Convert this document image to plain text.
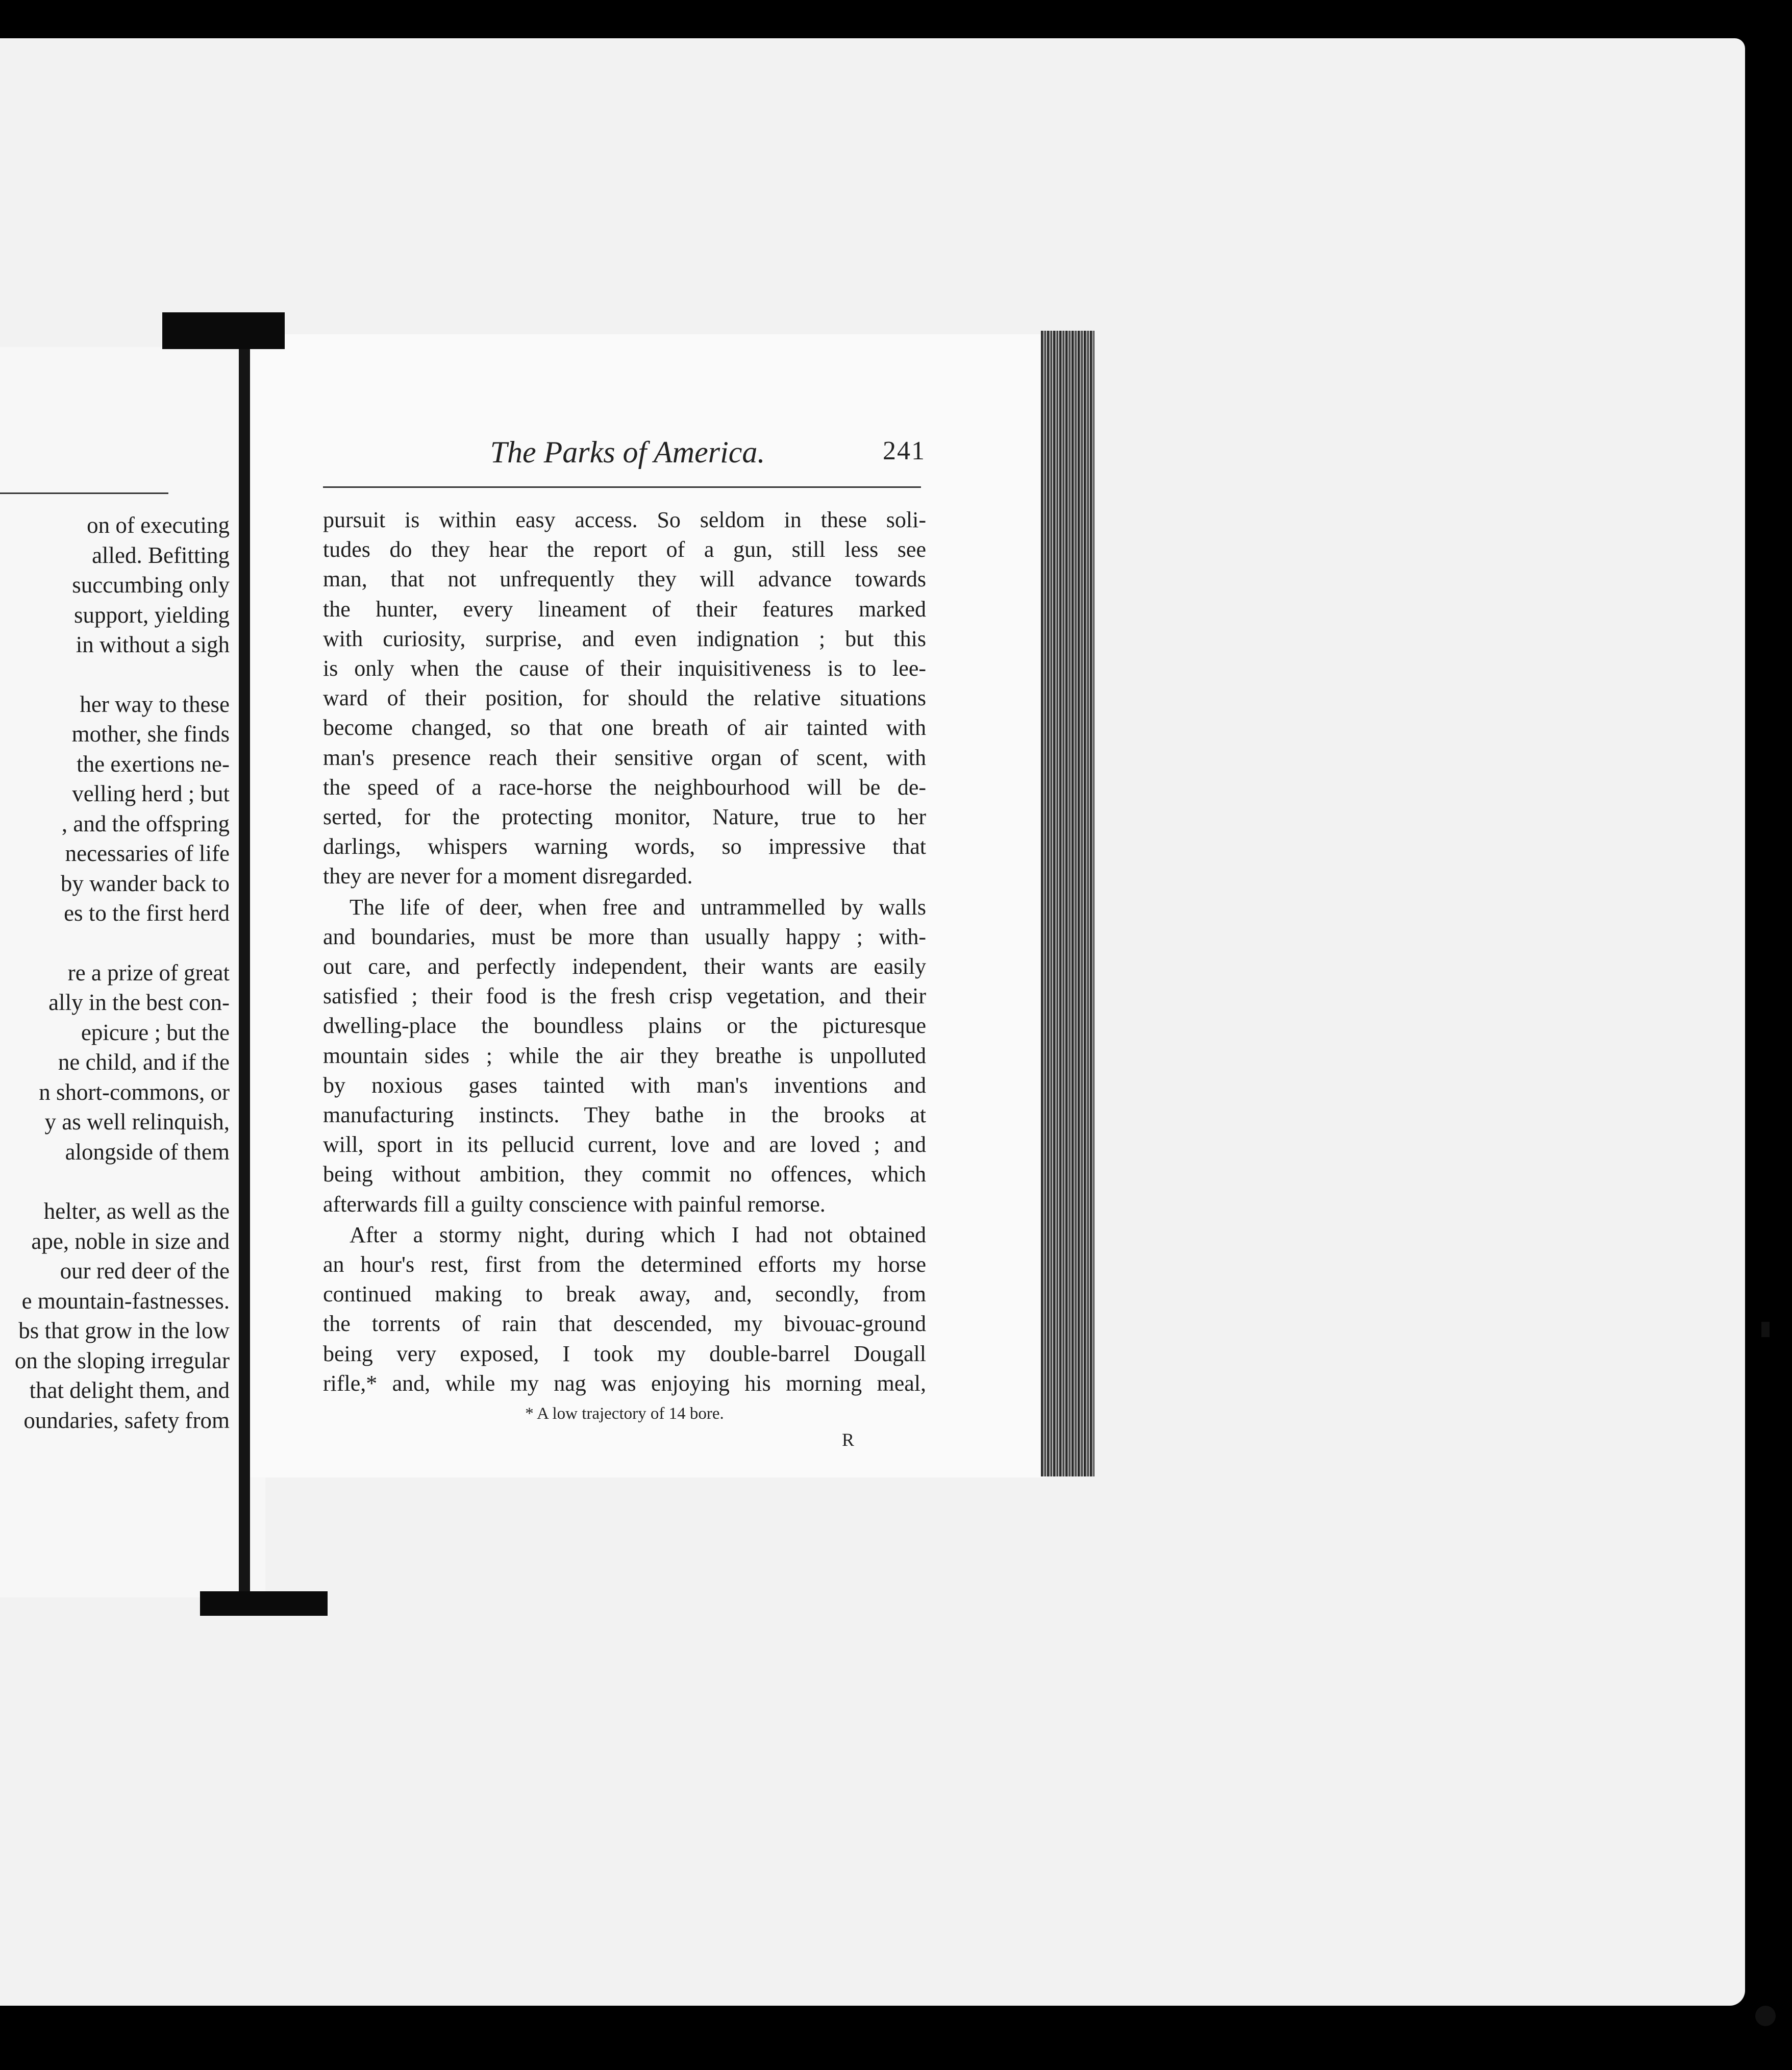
on of executing
alled. Befitting
succumbing only
support, yielding
in without a sigh
her way to these
mother, she finds
the exertions ne-
velling herd ; but
, and the offspring
necessaries of life
by wander back to
es to the first herd
re a prize of great
ally in the best con-
epicure ; but the
ne child, and if the
n short-commons, or
y as well relinquish,
alongside of them
helter, as well as the
ape, noble in size and
our red deer of the
e mountain-fastnesses.
bs that grow in the low
on the sloping irregular
that delight them, and
oundaries, safety from
The Parks of America.	241
pursuit is within easy access. So seldom in these soli-
tudes do they hear the report of a gun, still less see
man, that not unfrequently they will advance towards
the hunter, every lineament of their features marked
with curiosity, surprise, and even indignation ; but this
is only when the cause of their inquisitiveness is to lee-
ward of their position, for should the relative situations
become changed, so that one breath of air tainted with
man's presence reach their sensitive organ of scent, with
the speed of a race-horse the neighbourhood will be de-
serted, for the protecting monitor, Nature, true to her
darlings, whispers warning words, so impressive that
they are never for a moment disregarded.
The life of deer, when free and untrammelled by walls
and boundaries, must be more than usually happy ; with-
out care, and perfectly independent, their wants are easily
satisfied ; their food is the fresh crisp vegetation, and their
dwelling-place the boundless plains or the picturesque
mountain sides ; while the air they breathe is unpolluted
by noxious gases tainted with man's inventions and
manufacturing instincts. They bathe in the brooks at
will, sport in its pellucid current, love and are loved ; and
being without ambition, they commit no offences, which
afterwards fill a guilty conscience with painful remorse.
After a stormy night, during which I had not obtained
an hour's rest, first from the determined efforts my horse
continued making to break away, and, secondly, from
the torrents of rain that descended, my bivouac-ground
being very exposed, I took my double-barrel Dougall
rifle,* and, while my nag was enjoying his morning meal,
* A low trajectory of 14 bore.
R
